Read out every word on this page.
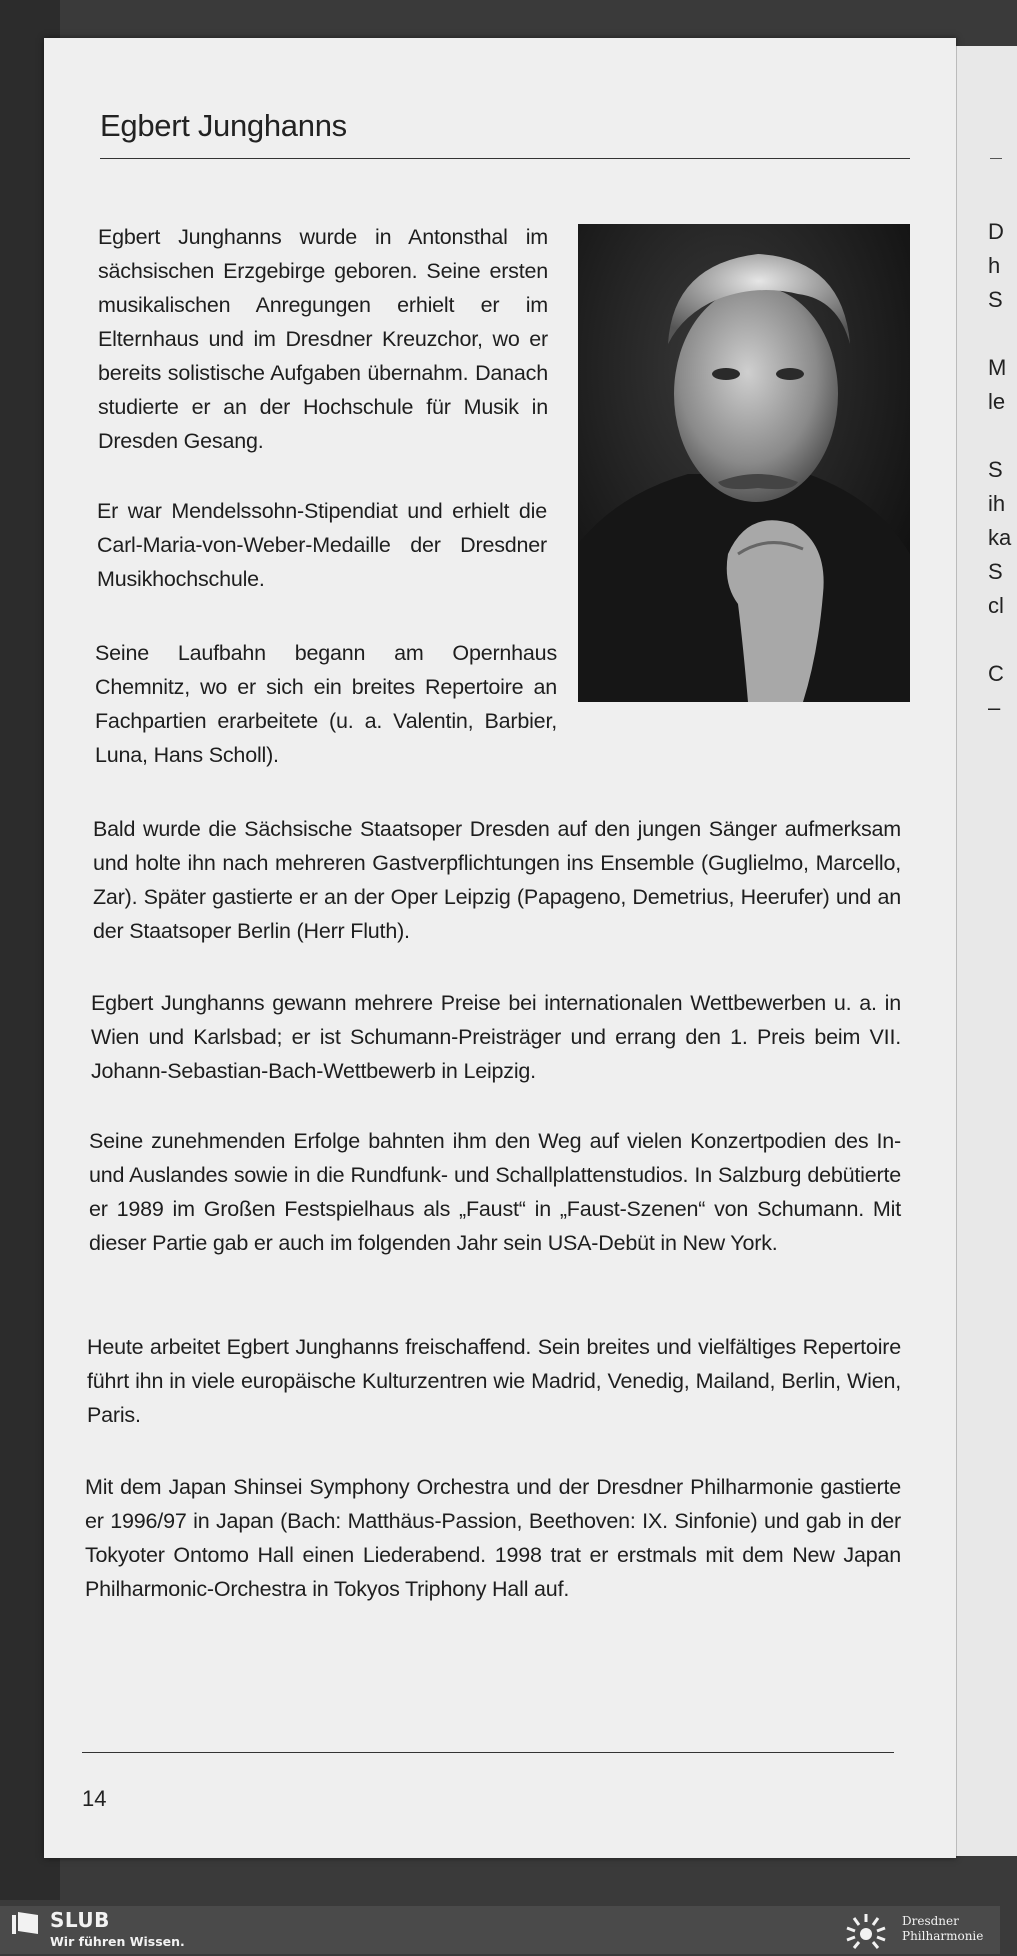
D
h
S
M
le
S
ih
ka
S
cl
C
–
Egbert Junghanns
Egbert Junghanns wurde in Antonsthal im sächsischen Erzgebirge geboren. Seine ersten musikalischen Anregungen erhielt er im Elternhaus und im Dresdner Kreuzchor, wo er bereits solistische Aufgaben übernahm. Danach studierte er an der Hochschule für Musik in Dresden Gesang.
Er war Mendelssohn-Stipendiat und erhielt die Carl-Maria-von-Weber-Medaille der Dresdner Musikhochschule.
Seine Laufbahn begann am Opernhaus Chemnitz, wo er sich ein breites Repertoire an Fachpartien erarbeitete (u. a. Valentin, Barbier, Luna, Hans Scholl).
Bald wurde die Sächsische Staatsoper Dresden auf den jungen Sänger aufmerksam und holte ihn nach mehreren Gastverpflichtungen ins Ensemble (Guglielmo, Marcello, Zar). Später gastierte er an der Oper Leipzig (Papageno, Demetrius, Heerufer) und an der Staatsoper Berlin (Herr Fluth).
Egbert Junghanns gewann mehrere Preise bei internationalen Wettbewerben u. a. in Wien und Karlsbad; er ist Schumann-Preisträger und errang den 1. Preis beim VII. Johann-Sebastian-Bach-Wettbewerb in Leipzig.
Seine zunehmenden Erfolge bahnten ihm den Weg auf vielen Konzertpodien des In- und Auslandes sowie in die Rundfunk- und Schallplattenstudios. In Salzburg debütierte er 1989 im Großen Festspielhaus als „Faust“ in „Faust-Szenen“ von Schumann. Mit dieser Partie gab er auch im folgenden Jahr sein USA-Debüt in New York.
Heute arbeitet Egbert Junghanns freischaffend. Sein breites und vielfältiges Repertoire führt ihn in viele europäische Kulturzentren wie Madrid, Venedig, Mailand, Berlin, Wien, Paris.
Mit dem Japan Shinsei Symphony Orchestra und der Dresdner Philharmonie gastierte er 1996/97 in Japan (Bach: Matthäus-Passion, Beethoven: IX. Sinfonie) und gab in der Tokyoter Ontomo Hall einen Liederabend. 1998 trat er erstmals mit dem New Japan Philharmonic-Orchestra in Tokyos Triphony Hall auf.
14
SLUB
Wir führen Wissen.
Dresdner
Philharmonie
